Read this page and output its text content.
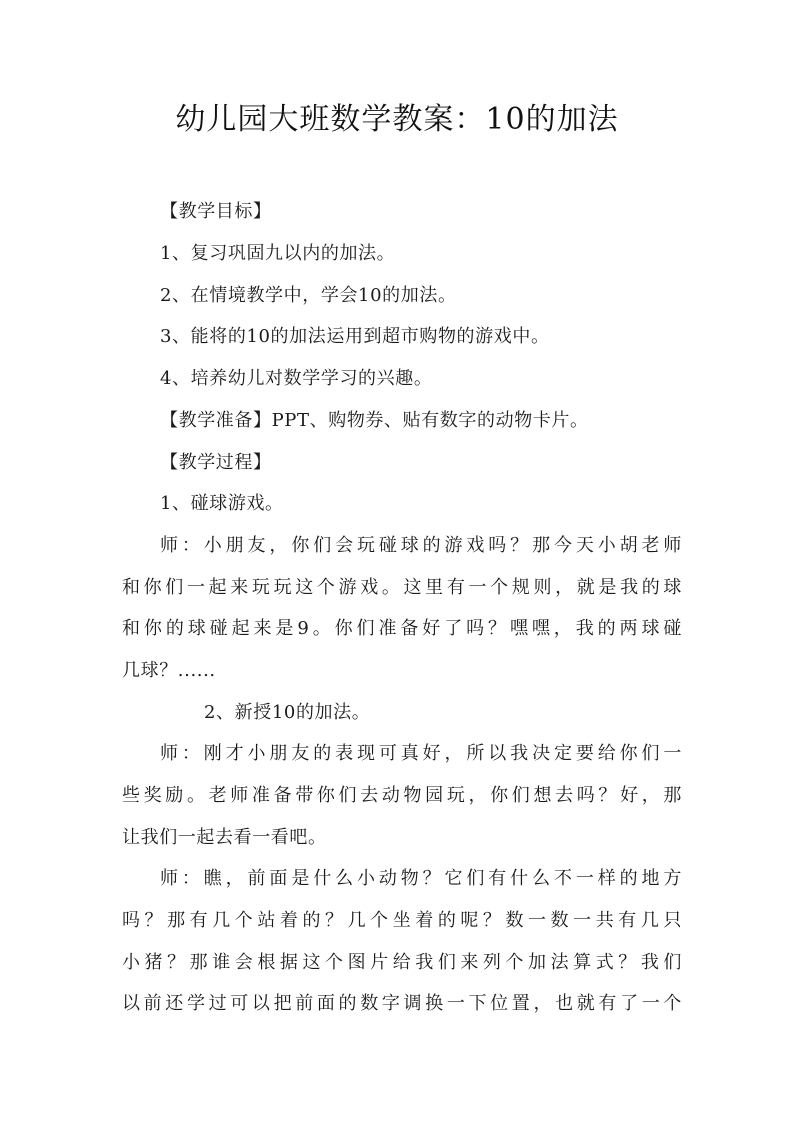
幼儿园大班数学教案：10的加法

【教学目标】

1、复习巩固九以内的加法。

2、在情境教学中，学会10的加法。

3、能将的10的加法运用到超市购物的游戏中。

4、培养幼儿对数学学习的兴趣。

【教学准备】PPT、购物券、贴有数字的动物卡片。

【教学过程】

1、碰球游戏。

师：小朋友，你们会玩碰球的游戏吗？那今天小胡老师

和你们一起来玩玩这个游戏。这里有一个规则，就是我的球

和你的球碰起来是9。你们准备好了吗？嘿嘿，我的两球碰

几球？......

2、新授10的加法。

师：刚才小朋友的表现可真好，所以我决定要给你们一

些奖励。老师准备带你们去动物园玩，你们想去吗？好，那

让我们一起去看一看吧。

师：瞧，前面是什么小动物？它们有什么不一样的地方

吗？那有几个站着的？几个坐着的呢？数一数一共有几只

小猪？那谁会根据这个图片给我们来列个加法算式？我们

以前还学过可以把前面的数字调换一下位置，也就有了一个
